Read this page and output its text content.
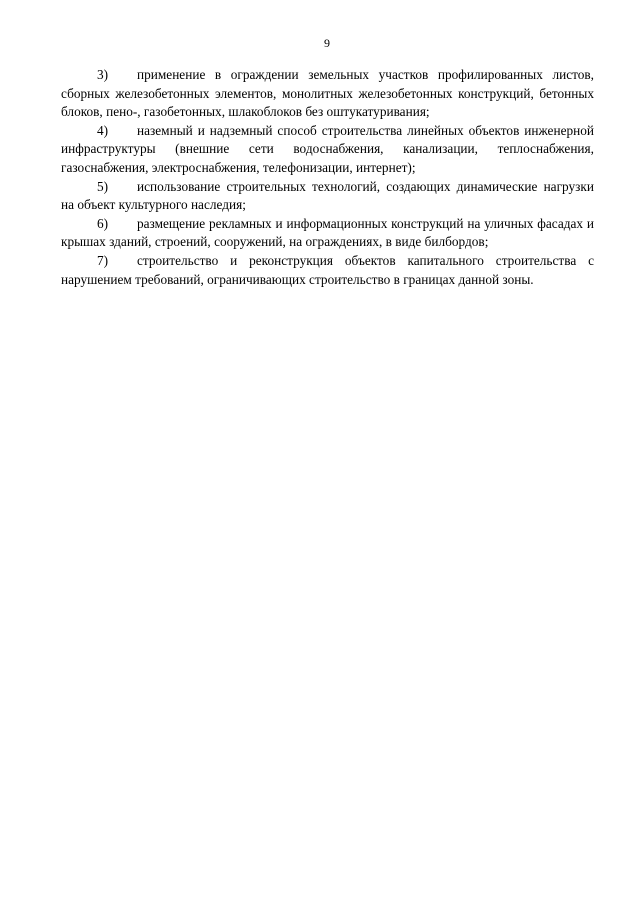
9

3) применение в ограждении земельных участков профилированных листов, сборных железобетонных элементов, монолитных железобетонных конструкций, бетонных блоков, пено-, газобетонных, шлакоблоков без оштукатуривания;

4) наземный и надземный способ строительства линейных объектов инженерной инфраструктуры (внешние сети водоснабжения, канализации, теплоснабжения, газоснабжения, электроснабжения, телефонизации, интернет);

5) использование строительных технологий, создающих динамические нагрузки на объект культурного наследия;

6) размещение рекламных и информационных конструкций на уличных фасадах и крышах зданий, строений, сооружений, на ограждениях, в виде билбордов;

7) строительство и реконструкция объектов капитального строительства с нарушением требований, ограничивающих строительство в границах данной зоны.
